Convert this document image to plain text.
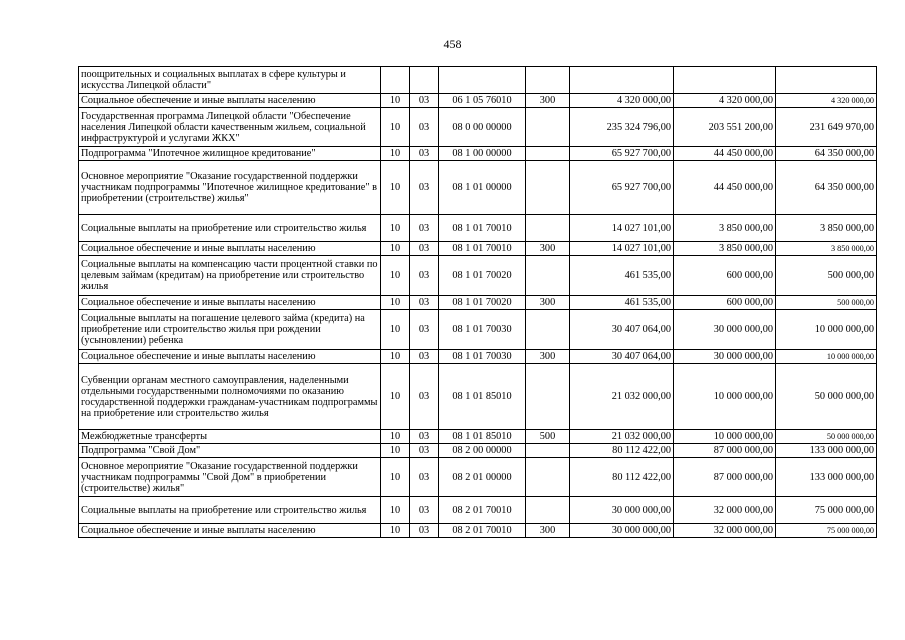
458
поощрительных и социальных выплатах в сфере культуры и искусства Липецкой области"							
Социальное обеспечение и иные выплаты населению	10	03	06 1 05 76010	300	4 320 000,00	4 320 000,00	4 320 000,00
Государственная программа Липецкой области "Обеспечение населения Липецкой области качественным жильем, социальной инфраструктурой и услугами ЖКХ"	10	03	08 0 00 00000		235 324 796,00	203 551 200,00	231 649 970,00
Подпрограмма "Ипотечное жилищное кредитование"	10	03	08 1 00 00000		65 927 700,00	44 450 000,00	64 350 000,00
Основное мероприятие "Оказание государственной поддержки участникам подпрограммы "Ипотечное жилищное кредитование" в приобретении (строительстве) жилья"	10	03	08 1 01 00000		65 927 700,00	44 450 000,00	64 350 000,00
Социальные выплаты на приобретение или строительство жилья	10	03	08 1 01 70010		14 027 101,00	3 850 000,00	3 850 000,00
Социальное обеспечение и иные выплаты населению	10	03	08 1 01 70010	300	14 027 101,00	3 850 000,00	3 850 000,00
Социальные выплаты на компенсацию части процентной ставки по целевым займам (кредитам) на приобретение или строительство жилья	10	03	08 1 01 70020		461 535,00	600 000,00	500 000,00
Социальное обеспечение и иные выплаты населению	10	03	08 1 01 70020	300	461 535,00	600 000,00	500 000,00
Социальные выплаты на погашение целевого займа (кредита) на приобретение или строительство жилья при рождении (усыновлении) ребенка	10	03	08 1 01 70030		30 407 064,00	30 000 000,00	10 000 000,00
Социальное обеспечение и иные выплаты населению	10	03	08 1 01 70030	300	30 407 064,00	30 000 000,00	10 000 000,00
Субвенции органам местного самоуправления, наделенными отдельными государственными полномочиями по оказанию государственной поддержки гражданам-участникам подпрограммы на приобретение или строительство жилья	10	03	08 1 01 85010		21 032 000,00	10 000 000,00	50 000 000,00
Межбюджетные трансферты	10	03	08 1 01 85010	500	21 032 000,00	10 000 000,00	50 000 000,00
Подпрограмма "Свой Дом"	10	03	08 2 00 00000		80 112 422,00	87 000 000,00	133 000 000,00
Основное мероприятие "Оказание государственной поддержки участникам подпрограммы "Свой Дом" в приобретении (строительстве) жилья"	10	03	08 2 01 00000		80 112 422,00	87 000 000,00	133 000 000,00
Социальные выплаты на приобретение или строительство жилья	10	03	08 2 01 70010		30 000 000,00	32 000 000,00	75 000 000,00
Социальное обеспечение и иные выплаты населению	10	03	08 2 01 70010	300	30 000 000,00	32 000 000,00	75 000 000,00
